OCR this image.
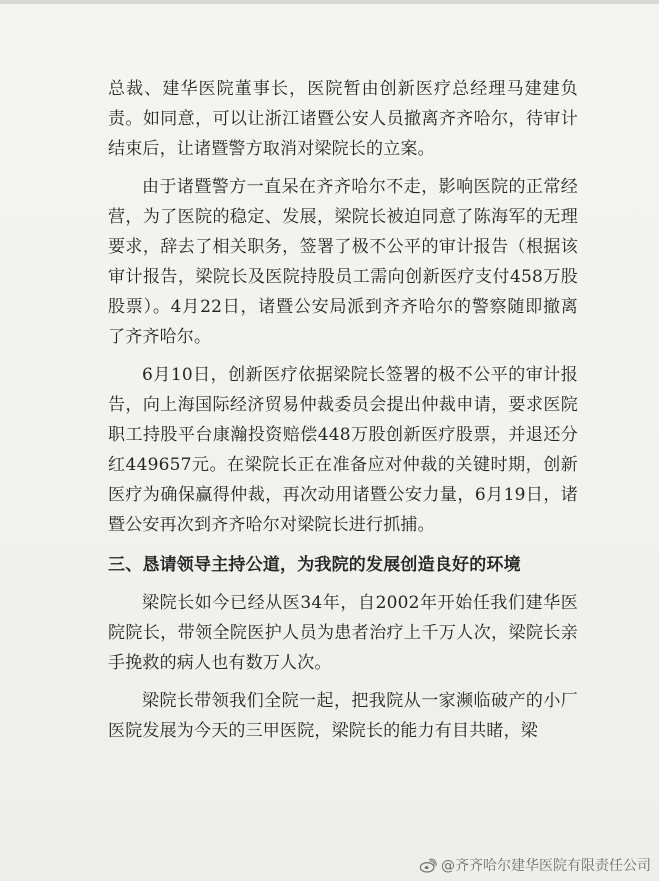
总裁、建华医院董事长，医院暂由创新医疗总经理马建建负责。如同意，可以让浙江诸暨公安人员撤离齐齐哈尔，待审计结束后，让诸暨警方取消对梁院长的立案。

由于诸暨警方一直呆在齐齐哈尔不走，影响医院的正常经营，为了医院的稳定、发展，梁院长被迫同意了陈海军的无理要求，辞去了相关职务，签署了极不公平的审计报告（根据该审计报告，梁院长及医院持股员工需向创新医疗支付458万股股票）。4月22日，诸暨公安局派到齐齐哈尔的警察随即撤离了齐齐哈尔。

6月10日，创新医疗依据梁院长签署的极不公平的审计报告，向上海国际经济贸易仲裁委员会提出仲裁申请，要求医院职工持股平台康瀚投资赔偿448万股创新医疗股票，并退还分红449657元。在梁院长正在准备应对仲裁的关键时期，创新医疗为确保赢得仲裁，再次动用诸暨公安力量，6月19日，诸暨公安再次到齐齐哈尔对梁院长进行抓捕。

三、恳请领导主持公道，为我院的发展创造良好的环境

梁院长如今已经从医34年，自2002年开始任我们建华医院院长，带领全院医护人员为患者治疗上千万人次，梁院长亲手挽救的病人也有数万人次。

梁院长带领我们全院一起，把我院从一家濒临破产的小厂医院发展为今天的三甲医院，梁院长的能力有目共睹，梁

@齐齐哈尔建华医院有限责任公司
